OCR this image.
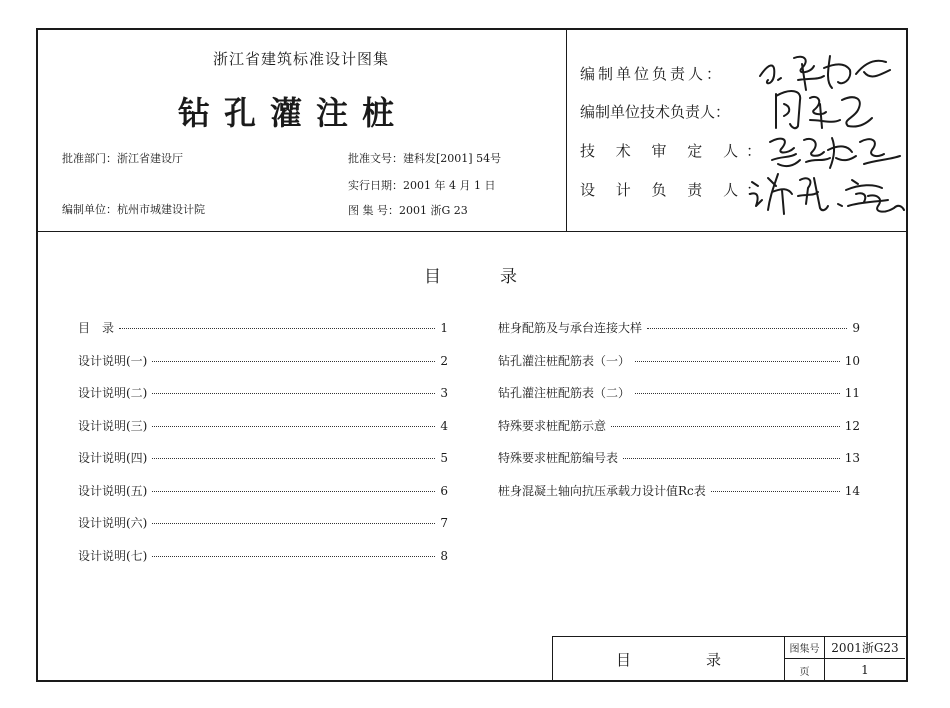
浙江省建筑标准设计图集
钻孔灌注桩
批准部门：浙江省建设厅
编制单位：杭州市城建设计院
批准文号：建科发[2001] 54号
实行日期：2001 年 4 月 1 日
图 集 号：2001 浙G 23
编制单位负责人：
编制单位技术负责人：
技 术 审 定 人：
设 计 负 责 人：
目	录
目　录	1
设计说明(一)	2
设计说明(二)	3
设计说明(三)	4
设计说明(四)	5
设计说明(五)	6
设计说明(六)	7
设计说明(七)	8
桩身配筋及与承台连接大样	9
钻孔灌注桩配筋表（一）	10
钻孔灌注桩配筋表（二）	11
特殊要求桩配筋示意	12
特殊要求桩配筋编号表	13
桩身混凝土轴向抗压承载力设计值Rc表	14
目　录
图集号 2001浙G23
页	1
